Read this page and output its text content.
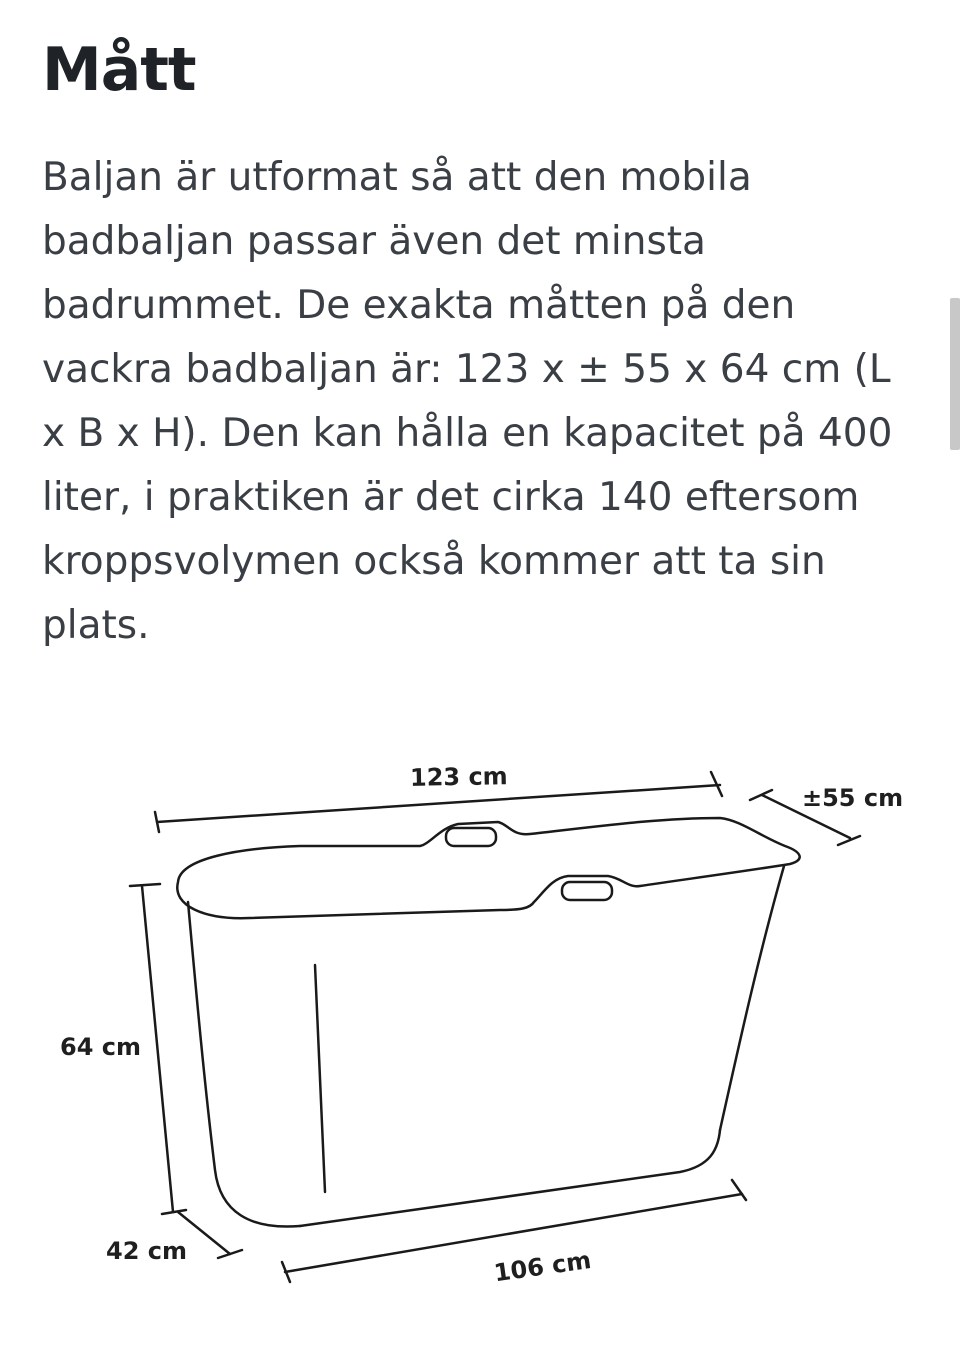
Mått

Baljan är utformat så att den mobila badbaljan passar även det minsta badrummet. De exakta måtten på den vackra badbaljan är: 123 x ± 55 x 64 cm (L x B x H). Den kan hålla en kapacitet på 400 liter, i praktiken är det cirka 140 eftersom kroppsvolymen också kommer att ta sin plats.

123 cm
±55 cm
64 cm
42 cm	106 cm
